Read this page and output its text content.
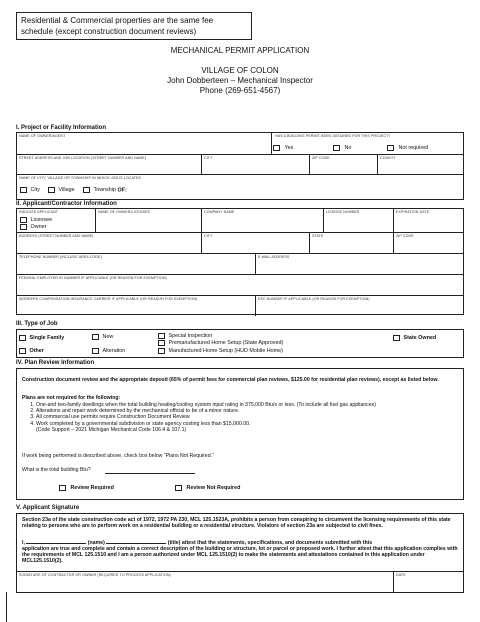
Residential & Commercial properties are the same fee schedule (except construction document reviews)
MECHANICAL PERMIT APPLICATION
VILLAGE OF COLON
John Dobberteen – Mechanical Inspector
Phone (269-651-4567)
I. Project or Facility Information
NAME OF OWNER/AGENT	HAS A BUILDING PERMIT BEEN OBTAINED FOR THIS PROJECT?
Yes	No	Not required
STREET ADDRESS AND JOB LOCATION (STREET NUMBER AND NAME)	CITY	ZIP CODE	COUNTY
NAME OF CITY, VILLAGE OR TOWNSHIP IN WHICH JOB IS LOCATED
City	Village	Township OF:
II. Applicant/Contractor Information
INDICATE APPLICANT
Licensee
Owner
NAME OF OWNER/LICENSEE	COMPANY NAME	LICENSE NUMBER	EXPIRATION DATE
ADDRESS (STREET NUMBER AND NAME)	CITY	STATE	ZIP CODE
TELEPHONE NUMBER (INCLUDE AREA CODE)	E-MAIL ADDRESS
FEDERAL EMPLOYER ID NUMBER IF APPLICABLE (OR REASON FOR EXEMPTION)
WORKERS COMPENSATION INSURANCE CARRIER IF APPLICABLE (OR REASON FOR EXEMPTION)	ESC NUMBER IF APPLICABLE (OR REASON FOR EXEMPTION)
III. Type of Job
Single Family
Other
New
Alteration
Special Inspection
Premanufactured Home Setup (State Approved)
Manufactured Home Setup (HUD Mobile Home)
State Owned
IV. Plan Review Information
Construction document review and the appropriate deposit (65% of permit fees for commercial plan reviews, $125.00 for residential plan reviews), except as listed below.
Plans are not required for the following:
1. One-and two-family dwellings when the total building heating/cooling system input rating in 375,000 Btu/s or less. (To include all fuel gas appliances)
2. Alterations and repair work determined by the mechanical official to be of a minor nature.
3. All commercial use permits require Construction Document Review
4. Work completed by a governmental subdivision or state agency costing less than $15,000.00.
(Code Support – 2021 Michigan Mechanical Code 106.4 & 107.1)
If work being performed is described above, check box below “Plans Not Required.”
What is the total building Btu?
Review Required	Review Not Required
V. Applicant Signature
Section 23a of the state construction code act of 1972, 1972 PA 230, MCL 125.1523A, prohibits a person from conspiring to circumvent the licensing requirements of this state relating to persons who are to perform work on a residential building or a residential structure. Violators of section 23a are subjected to civil fines.
I,	(name)	(title) attest that the statements, specifications, and documents submitted with this
application are true and complete and contain a correct description of the building or structure, lot or parcel or proposed work. I further attest that this application complies with the requirements of MCL 125.1510 and I am a person authorized under MCL 125.1510(2) to make the statements and attestations contained in this application under MCL125.1510(2).
SIGNATURE OF CONTRACTOR OR OWNER (REQUIRED TO PROCESS APPLICATION)	DATE
